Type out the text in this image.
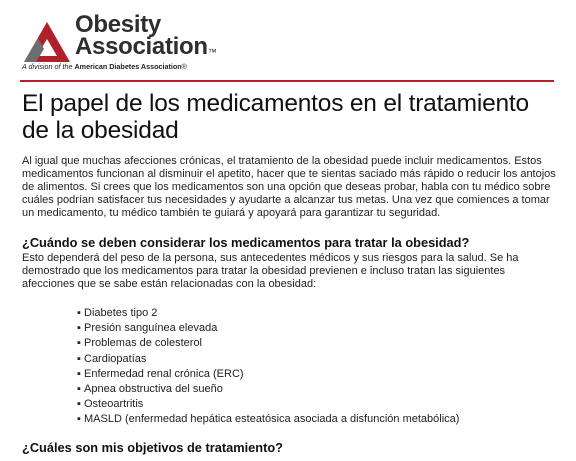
Obesity
Association™
A division of the American Diabetes Association®
El papel de los medicamentos en el tratamiento de la obesidad

Al igual que muchas afecciones crónicas, el tratamiento de la obesidad puede incluir medicamentos. Estos medicamentos funcionan al disminuir el apetito, hacer que te sientas saciado más rápido o reducir los antojos de alimentos. Si crees que los medicamentos son una opción que deseas probar, habla con tu médico sobre cuáles podrían satisfacer tus necesidades y ayudarte a alcanzar tus metas. Una vez que comiences a tomar un medicamento, tu médico también te guiará y apoyará para garantizar tu seguridad.

¿Cuándo se deben considerar los medicamentos para tratar la obesidad?

Esto dependerá del peso de la persona, sus antecedentes médicos y sus riesgos para la salud. Se ha demostrado que los medicamentos para tratar la obesidad previenen e incluso tratan las siguientes afecciones que se sabe están relacionadas con la obesidad:

▪ Diabetes tipo 2
▪ Presión sanguínea elevada
▪ Problemas de colesterol
▪ Cardiopatías
▪ Enfermedad renal crónica (ERC)
▪ Apnea obstructiva del sueño
▪ Osteoartritis
▪ MASLD (enfermedad hepática esteatósica asociada a disfunción metabólica)
¿Cuáles son mis objetivos de tratamiento?
